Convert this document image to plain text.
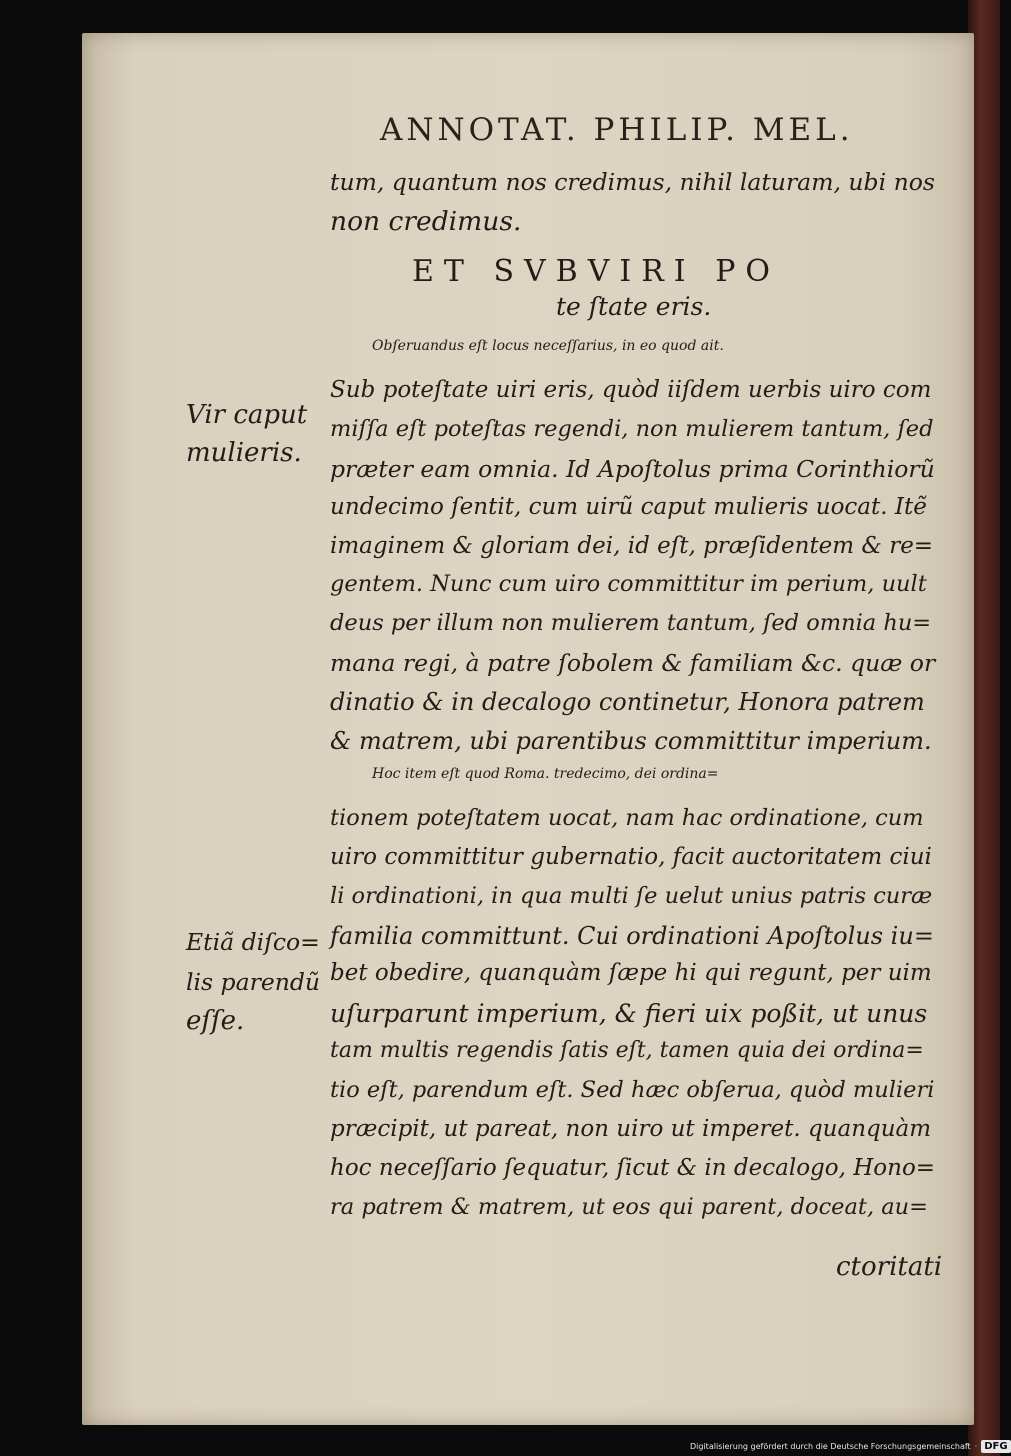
ANNOTAT. PHILIP. MEL.
tum, quantum nos credimus, nihil laturam, ubi nos
non credimus.
ET SVBVIRI PO
te ſtate eris.
Obſeruandus eſt locus neceſſarius, in eo quod ait.
Sub poteſtate uiri eris, quòd iiſdem uerbis uiro com
miſſa eſt poteſtas regendi, non mulierem tantum, ſed
præter eam omnia. Id Apoſtolus prima Corinthiorũ
undecimo ſentit, cum uirũ caput mulieris uocat. Itẽ
imaginem & gloriam dei, id eſt, præſidentem & re=
gentem. Nunc cum uiro committitur im perium, uult
deus per illum non mulierem tantum, ſed omnia hu=
mana regi, à patre ſobolem & familiam &c. quæ or
dinatio & in decalogo continetur, Honora patrem
& matrem, ubi parentibus committitur imperium.
Hoc item eſt quod Roma. tredecimo, dei ordina=
tionem poteſtatem uocat, nam hac ordinatione, cum
uiro committitur gubernatio, facit auctoritatem ciui
li ordinationi, in qua multi ſe uelut unius patris curæ
familia committunt. Cui ordinationi Apoſtolus iu=
bet obedire, quanquàm ſæpe hi qui regunt, per uim
uſurparunt imperium, & fieri uix poßit, ut unus
tam multis regendis ſatis eſt, tamen quia dei ordina=
tio eſt, parendum eſt. Sed hæc obſerua, quòd mulieri
præcipit, ut pareat, non uiro ut imperet. quanquàm
hoc neceſſario ſequatur, ſicut & in decalogo, Hono=
ra patrem & matrem, ut eos qui parent, doceat, au=
Vir caput
mulieris.
Etiã diſco=
lis parendũ
eſſe.
ctoritati
Digitalisierung gefördert durch die Deutsche Forschungsgemeinschaft · DFG
